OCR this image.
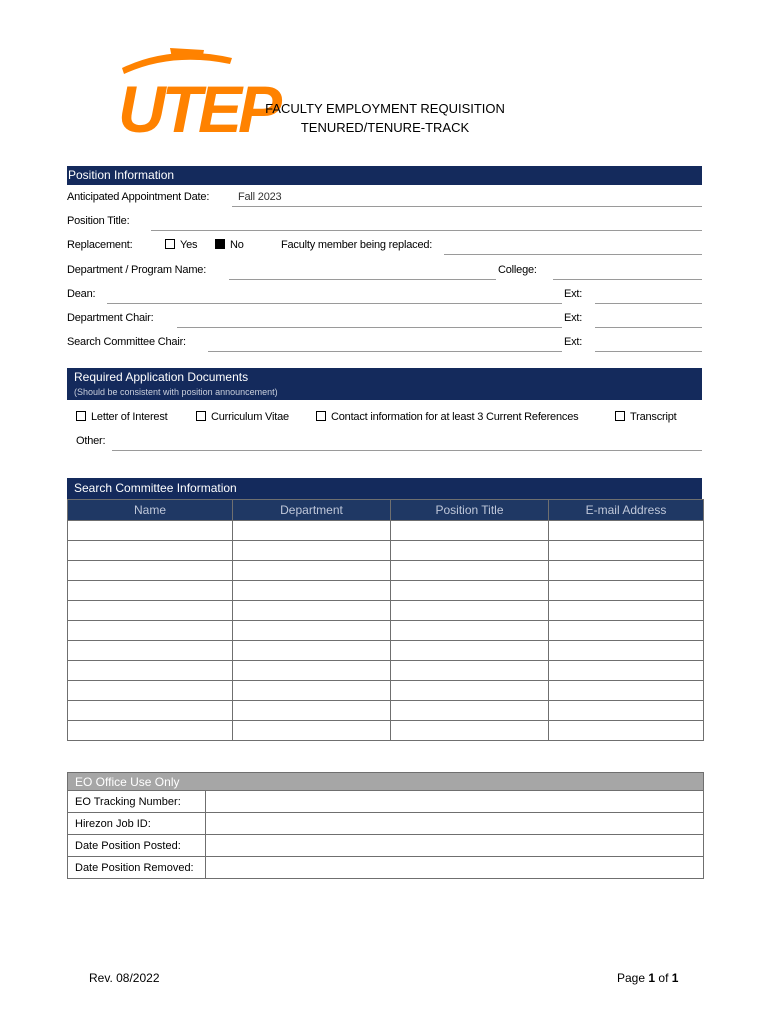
UTEP
FACULTY EMPLOYMENT REQUISITION
TENURED/TENURE-TRACK
Position Information
Anticipated Appointment Date:	Fall 2023
Position Title:
Replacement:	Yes	No	Faculty member being replaced:
Department / Program Name:	College:
Dean:	Ext:
Department Chair:	Ext:
Search Committee Chair:	Ext:
Required Application Documents
(Should be consistent with position announcement)
Letter of Interest	Curriculum Vitae	Contact information for at least 3 Current References	Transcript
Other:
Search Committee Information
Name	Department	Position Title	E-mail Address

EO Office Use Only	
EO Tracking Number:	
Hirezon Job ID:	
Date Position Posted:	
Date Position Removed:	
Rev. 08/2022	Page 1 of 1
